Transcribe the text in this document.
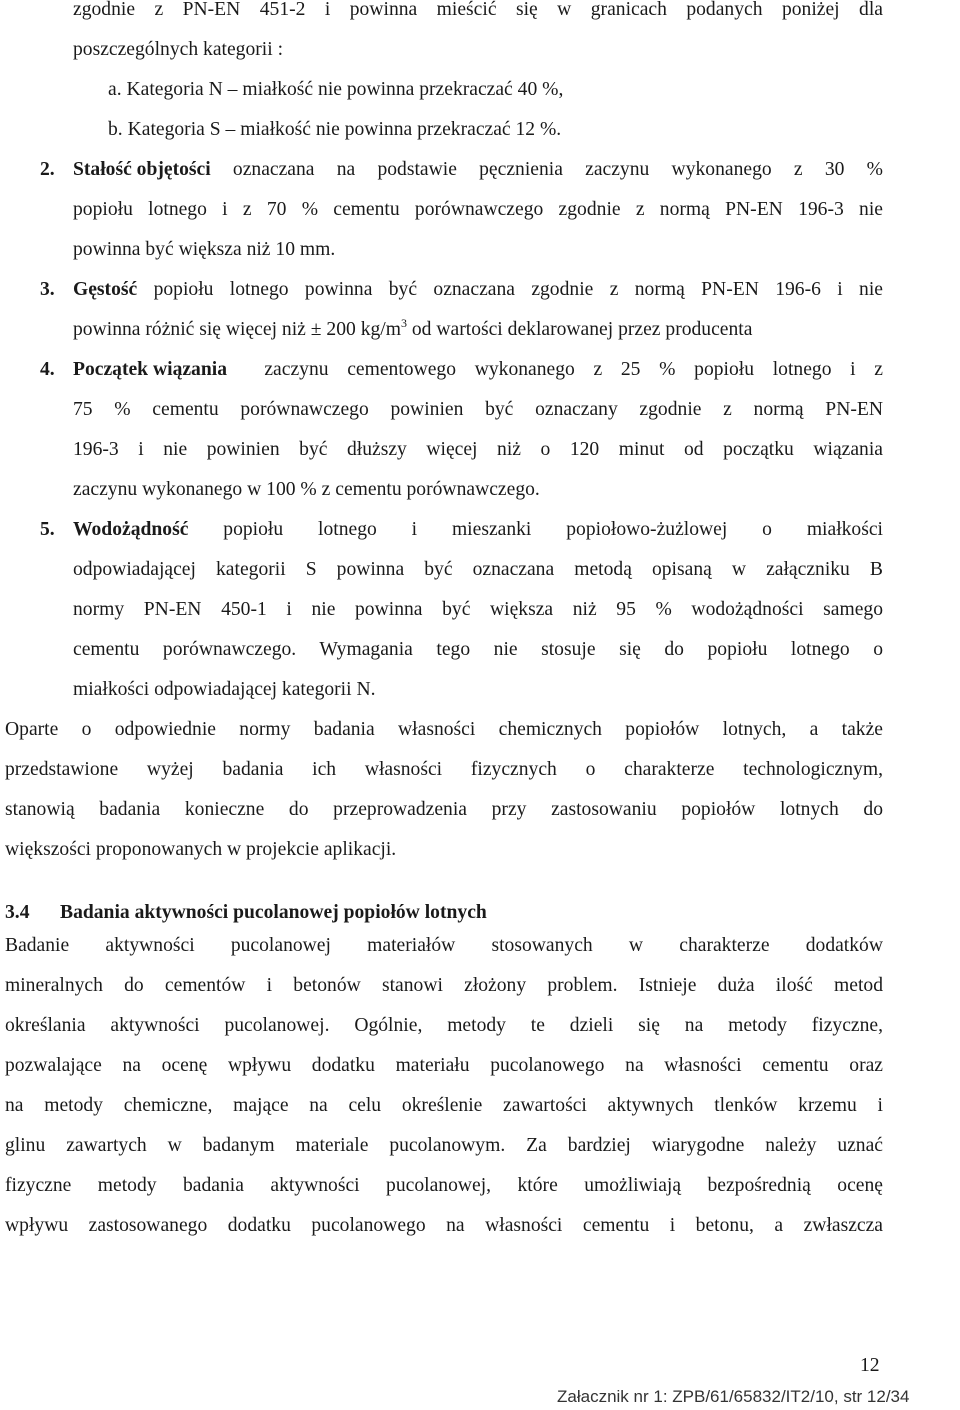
zgodnie z PN-EN 451-2 i powinna mieścić się w granicach podanych poniżej dla
poszczególnych kategorii :
a. Kategoria N – miałkość nie powinna przekraczać 40 %,
b. Kategoria S – miałkość nie powinna przekraczać 12 %.
2. Stałość objętości oznaczana na podstawie pęcznienia zaczynu wykonanego z 30 %
popiołu lotnego i z 70 % cementu porównawczego zgodnie z normą PN-EN 196-3 nie
powinna być większa niż 10 mm.
3. Gęstość popiołu lotnego powinna być oznaczana zgodnie z normą PN-EN 196-6 i nie
powinna różnić się więcej niż ± 200 $kg/m^3$ od wartości deklarowanej przez producenta
4. Początek wiązania zaczynu cementowego wykonanego z 25 % popiołu lotnego i z
75 % cementu porównawczego powinien być oznaczany zgodnie z normą PN-EN
196-3 i nie powinien być dłuższy więcej niż o 120 minut od początku wiązania
zaczynu wykonanego w 100 % z cementu porównawczego.
5. Wodożądność popiołu lotnego i mieszanki popiołowo-żużlowej o miałkości
odpowiadającej kategorii S powinna być oznaczana metodą opisaną w załączniku B
normy PN-EN 450-1 i nie powinna być większa niż 95 % wodożądności samego
cementu porównawczego. Wymagania tego nie stosuje się do popiołu lotnego o
miałkości odpowiadającej kategorii N.
Oparte o odpowiednie normy badania własności chemicznych popiołów lotnych, a także
przedstawione wyżej badania ich własności fizycznych o charakterze technologicznym,
stanowią badania konieczne do przeprowadzenia przy zastosowaniu popiołów lotnych do
większości proponowanych w projekcie aplikacji.
3.4 Badania aktywności pucolanowej popiołów lotnych
Badanie aktywności pucolanowej materiałów stosowanych w charakterze dodatków
mineralnych do cementów i betonów stanowi złożony problem. Istnieje duża ilość metod
określania aktywności pucolanowej. Ogólnie, metody te dzieli się na metody fizyczne,
pozwalające na ocenę wpływu dodatku materiału pucolanowego na własności cementu oraz
na metody chemiczne, mające na celu określenie zawartości aktywnych tlenków krzemu i
glinu zawartych w badanym materiale pucolanowym. Za bardziej wiarygodne należy uznać
fizyczne metody badania aktywności pucolanowej, które umożliwiają bezpośrednią ocenę
wpływu zastosowanego dodatku pucolanowego na własności cementu i betonu, a zwłaszcza
12
Załacznik nr 1: ZPB/61/65832/IT2/10, str 12/34
